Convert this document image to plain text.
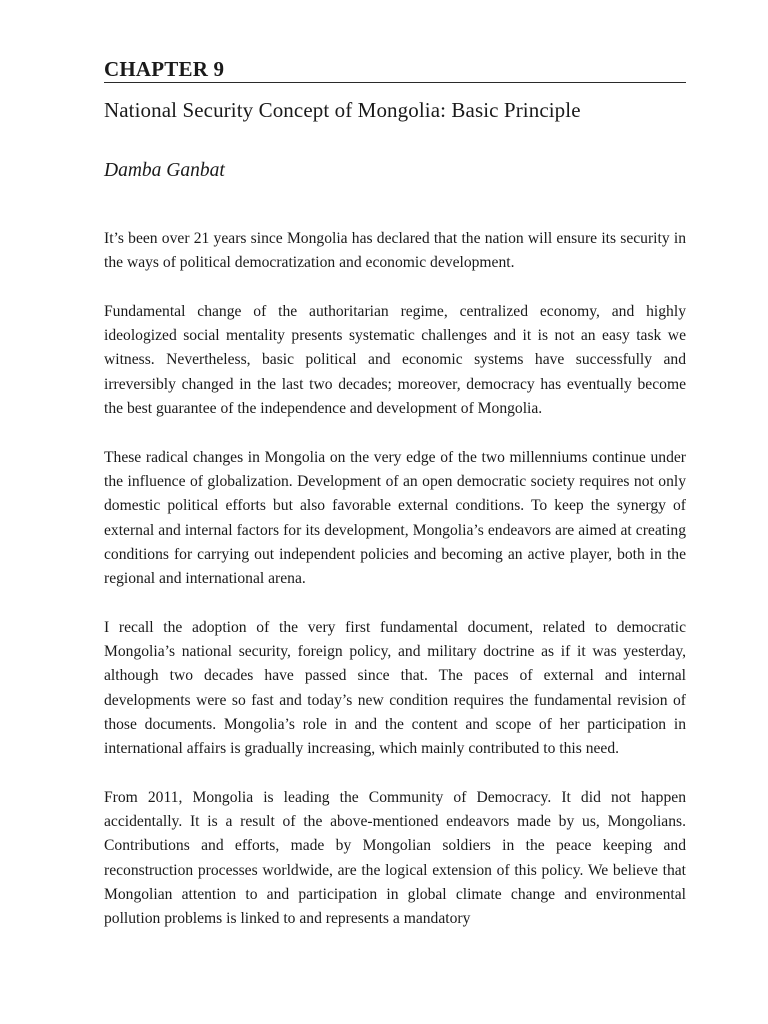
CHAPTER 9
National Security Concept of Mongolia: Basic Principle

Damba Ganbat

It’s been over 21 years since Mongolia has declared that the nation will ensure its security in the ways of political democratization and economic development.

Fundamental change of the authoritarian regime, centralized economy, and highly ideologized social mentality presents systematic challenges and it is not an easy task we witness. Nevertheless, basic political and economic systems have successfully and irreversibly changed in the last two decades; moreover, democracy has eventually become the best guarantee of the independence and development of Mongolia.

These radical changes in Mongolia on the very edge of the two millenniums continue under the influence of globalization. Development of an open democratic society requires not only domestic political efforts but also favorable external conditions. To keep the synergy of external and internal factors for its development, Mongolia’s endeavors are aimed at creating conditions for carrying out independent policies and becoming an active player, both in the regional and international arena.

I recall the adoption of the very first fundamental document, related to democratic Mongolia’s national security, foreign policy, and military doctrine as if it was yesterday, although two decades have passed since that. The paces of external and internal developments were so fast and today’s new condition requires the fundamental revision of those documents. Mongolia’s role in and the content and scope of her participation in international affairs is gradually increasing, which mainly contributed to this need.

From 2011, Mongolia is leading the Community of Democracy. It did not happen accidentally. It is a result of the above-mentioned endeavors made by us, Mongolians. Contributions and efforts, made by Mongolian soldiers in the peace keeping and reconstruction processes worldwide, are the logical extension of this policy. We believe that Mongolian attention to and participation in global climate change and environmental pollution problems is linked to and represents a mandatory
